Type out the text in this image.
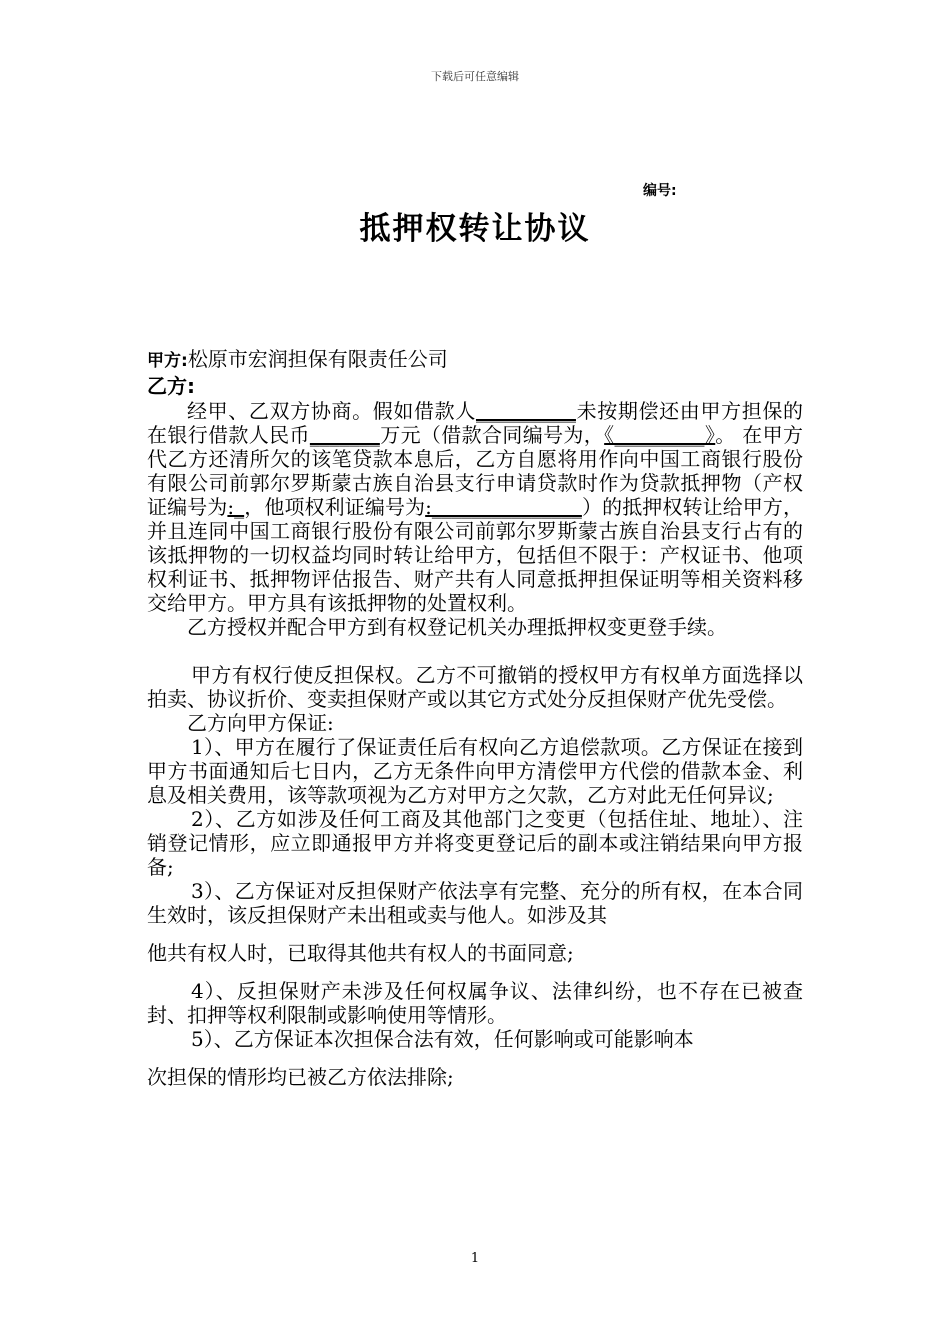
下载后可任意编辑
编号:
抵押权转让协议
甲方:松原市宏润担保有限责任公司
乙方:

经甲、乙双方协商。假如借款人__________未按期偿还由甲方担保的在银行借款人民币_______万元（借款合同编号为，《_________》。 在甲方代乙方还清所欠的该笔贷款本息后，乙方自愿将用作向中国工商银行股份有限公司前郭尔罗斯蒙古族自治县支行申请贷款时作为贷款抵押物（产权证编号为:_，他项权利证编号为:_______________）的抵押权转让给甲方，并且连同中国工商银行股份有限公司前郭尔罗斯蒙古族自治县支行占有的该抵押物的一切权益均同时转让给甲方，包括但不限于：产权证书、他项权利证书、抵押物评估报告、财产共有人同意抵押担保证明等相关资料移交给甲方。甲方具有该抵押物的处置权利。

乙方授权并配合甲方到有权登记机关办理抵押权变更登手续。

甲方有权行使反担保权。乙方不可撤销的授权甲方有权单方面选择以拍卖、协议折价、变卖担保财产或以其它方式处分反担保财产优先受偿。

乙方向甲方保证:

1）、甲方在履行了保证责任后有权向乙方追偿款项。乙方保证在接到甲方书面通知后七日内，乙方无条件向甲方清偿甲方代偿的借款本金、利息及相关费用，该等款项视为乙方对甲方之欠款，乙方对此无任何异议;

2）、乙方如涉及任何工商及其他部门之变更（包括住址、地址）、注销登记情形，应立即通报甲方并将变更登记后的副本或注销结果向甲方报备;

3）、乙方保证对反担保财产依法享有完整、充分的所有权，在本合同生效时，该反担保财产未出租或卖与他人。如涉及其

他共有权人时，已取得其他共有权人的书面同意;

4）、反担保财产未涉及任何权属争议、法律纠纷，也不存在已被查封、扣押等权利限制或影响使用等情形。

5）、乙方保证本次担保合法有效，任何影响或可能影响本

次担保的情形均已被乙方依法排除;

1
